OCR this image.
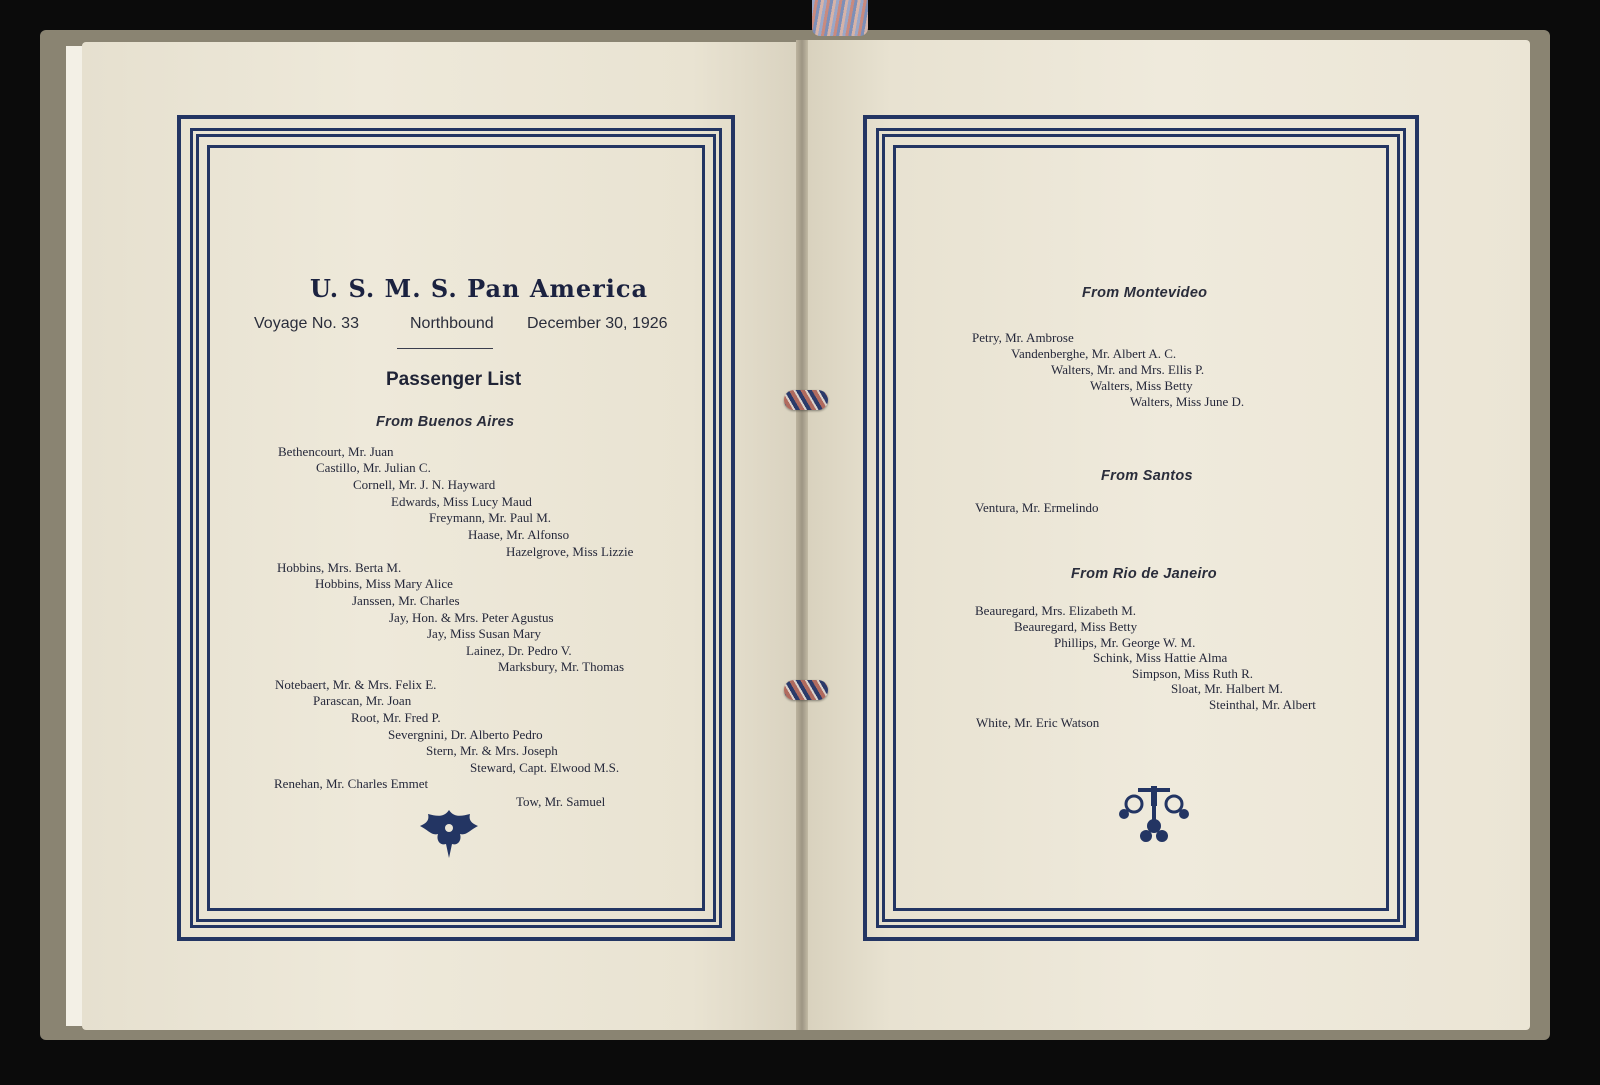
U. S. M. S. Pan America
Voyage No. 33	Northbound December 30, 1926
Passenger List
From Buenos Aires
Bethencourt, Mr. Juan
Castillo, Mr. Julian C.
Cornell, Mr. J. N. Hayward
Edwards, Miss Lucy Maud
Freymann, Mr. Paul M.
Haase, Mr. Alfonso
Hazelgrove, Miss Lizzie
Hobbins, Mrs. Berta M.
Hobbins, Miss Mary Alice
Janssen, Mr. Charles
Jay, Hon. & Mrs. Peter Agustus
Jay, Miss Susan Mary
Lainez, Dr. Pedro V.
Marksbury, Mr. Thomas
Notebaert, Mr. & Mrs. Felix E.
Parascan, Mr. Joan
Root, Mr. Fred P.
Severgnini, Dr. Alberto Pedro
Stern, Mr. & Mrs. Joseph
Steward, Capt. Elwood M.S.
Renehan, Mr. Charles Emmet
Tow, Mr. Samuel
From Montevideo
Petry, Mr. Ambrose
Vandenberghe, Mr. Albert A. C.
Walters, Mr. and Mrs. Ellis P.
Walters, Miss Betty
Walters, Miss June D.
From Santos
Ventura, Mr. Ermelindo
From Rio de Janeiro
Beauregard, Mrs. Elizabeth M.
Beauregard, Miss Betty
Phillips, Mr. George W. M.
Schink, Miss Hattie Alma
Simpson, Miss Ruth R.
Sloat, Mr. Halbert M.
Steinthal, Mr. Albert
White, Mr. Eric Watson
